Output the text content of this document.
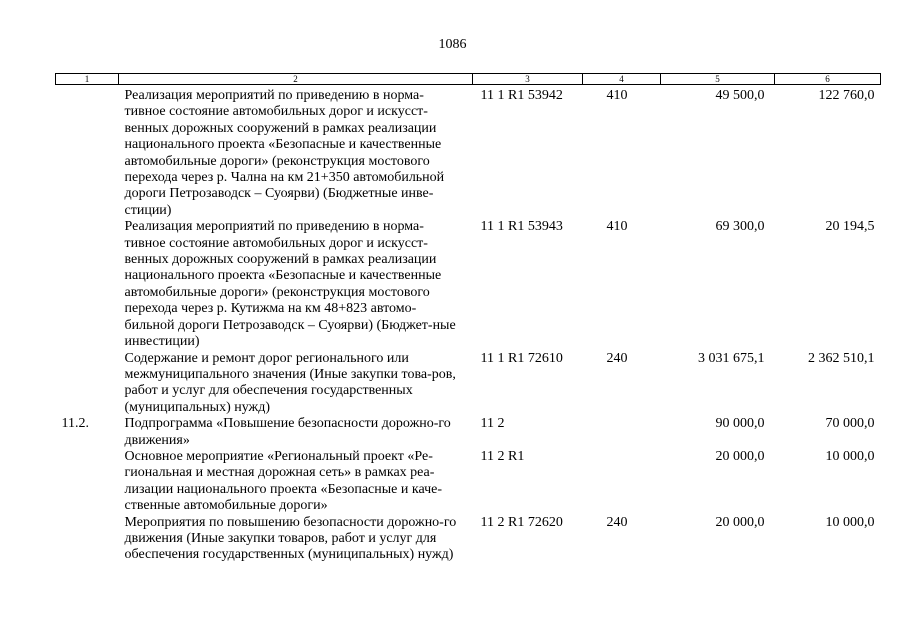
1086
1	2	3	4	5	6
	Реализация мероприятий по приведению в норма-тивное состояние автомобильных дорог и искусст-венных дорожных сооружений в рамках реализации национального проекта «Безопасные и качественные автомобильные дороги» (реконструкция мостового перехода через р. Чална на км 21+350 автомобильной дороги Петрозаводск – Суоярви) (Бюджетные инве-стиции)	11 1 R1 53942	410	49 500,0	122 760,0
	Реализация мероприятий по приведению в норма-тивное состояние автомобильных дорог и искусст-венных дорожных сооружений в рамках реализации национального проекта «Безопасные и качественные автомобильные дороги» (реконструкция мостового перехода через р. Кутижма на км 48+823 автомо-бильной дороги Петрозаводск – Суоярви) (Бюджет-ные инвестиции)	11 1 R1 53943	410	69 300,0	20 194,5
	Содержание и ремонт дорог регионального или межмуниципального значения (Иные закупки това-ров, работ и услуг для обеспечения государственных (муниципальных) нужд)	11 1 R1 72610	240	3 031 675,1	2 362 510,1
11.2.	Подпрограмма «Повышение безопасности дорожно-го движения»	11 2		90 000,0	70 000,0
	Основное мероприятие «Региональный проект «Ре-гиональная и местная дорожная сеть» в рамках реа-лизации национального проекта «Безопасные и каче-ственные автомобильные дороги»	11 2 R1		20 000,0	10 000,0
	Мероприятия по повышению безопасности дорожно-го движения (Иные закупки товаров, работ и услуг для обеспечения государственных (муниципальных) нужд)	11 2 R1 72620	240	20 000,0	10 000,0
